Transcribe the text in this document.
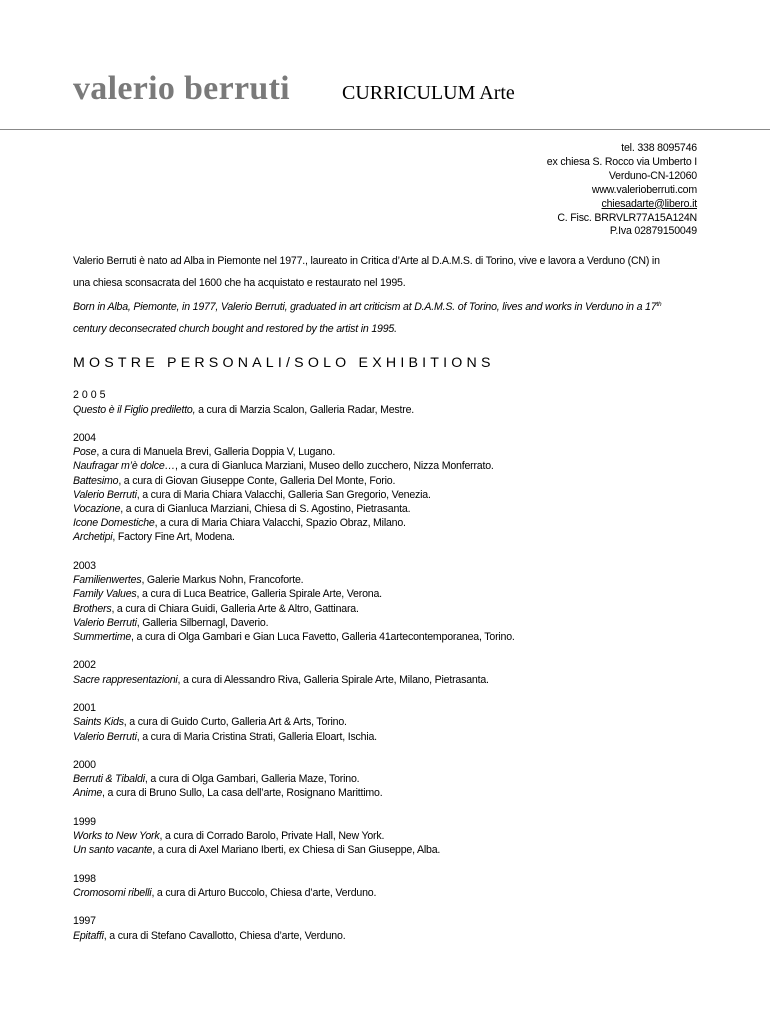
valerio berruti	CURRICULUM Arte
tel. 338 8095746
ex chiesa S. Rocco via Umberto I
Verduno-CN-12060
www.valerioberruti.com
chiesadarte@libero.it
C. Fisc. BRRVLR77A15A124N
P.Iva 02879150049

Valerio Berruti è nato ad Alba in Piemonte nel 1977., laureato in Critica d’Arte al D.A.M.S. di Torino, vive e lavora a Verduno (CN) in

una chiesa sconsacrata del 1600 che ha acquistato e restaurato nel 1995.

Born in Alba, Piemonte, in 1977, Valerio Berruti, graduated in art criticism at D.A.M.S. of Torino, lives and works in Verduno in a 17th

century deconsecrated church bought and restored by the artist in 1995.

MOSTRE PERSONALI/SOLO EXHIBITIONS
2005
Questo è il Figlio prediletto, a cura di Marzia Scalon, Galleria Radar, Mestre.
2004
Pose, a cura di Manuela Brevi, Galleria Doppia V, Lugano.
Naufragar m’è dolce…, a cura di Gianluca Marziani, Museo dello zucchero, Nizza Monferrato.
Battesimo, a cura di Giovan Giuseppe Conte, Galleria Del Monte, Forio.
Valerio Berruti, a cura di Maria Chiara Valacchi, Galleria San Gregorio, Venezia.
Vocazione, a cura di Gianluca Marziani, Chiesa di S. Agostino, Pietrasanta.
Icone Domestiche, a cura di Maria Chiara Valacchi, Spazio Obraz, Milano.
Archetipi, Factory Fine Art, Modena.
2003
Familienwertes, Galerie Markus Nohn, Francoforte.
Family Values, a cura di Luca Beatrice, Galleria Spirale Arte, Verona.
Brothers, a cura di Chiara Guidi, Galleria Arte & Altro, Gattinara.
Valerio Berruti, Galleria Silbernagl, Daverio.
Summertime, a cura di Olga Gambari e Gian Luca Favetto, Galleria 41artecontemporanea, Torino.
2002
Sacre rappresentazioni, a cura di Alessandro Riva, Galleria Spirale Arte, Milano, Pietrasanta.
2001
Saints Kids, a cura di Guido Curto, Galleria Art & Arts, Torino.
Valerio Berruti, a cura di Maria Cristina Strati, Galleria Eloart, Ischia.
2000
Berruti & Tibaldi, a cura di Olga Gambari, Galleria Maze, Torino.
Anime, a cura di Bruno Sullo, La casa dell’arte, Rosignano Marittimo.
1999
Works to New York, a cura di Corrado Barolo, Private Hall, New York.
Un santo vacante, a cura di Axel Mariano Iberti, ex Chiesa di San Giuseppe, Alba.
1998
Cromosomi ribelli, a cura di Arturo Buccolo, Chiesa d’arte, Verduno.
1997
Epitaffi, a cura di Stefano Cavallotto, Chiesa d’arte, Verduno.
